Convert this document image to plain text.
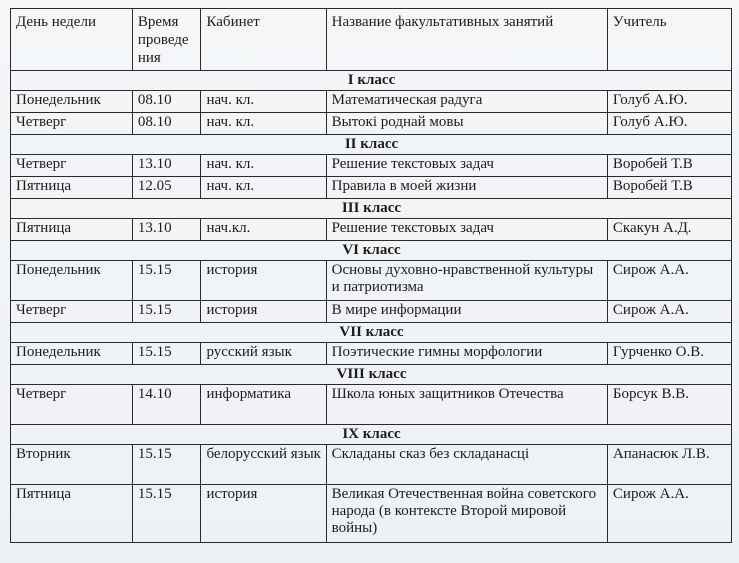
День недели	Время проведе ния	Кабинет	Название факультативных занятий	Учитель
I класс				
Понедельник	08.10	нач. кл.	Математическая радуга	Голуб А.Ю.
Четверг	08.10	нач. кл.	Вытокі роднай мовы	Голуб А.Ю.
II класс				
Четверг	13.10	нач. кл.	Решение текстовых задач	Воробей Т.В
Пятница	12.05	нач. кл.	Правила в моей жизни	Воробей Т.В
III класс				
Пятница	13.10	нач.кл.	Решение текстовых задач	Скакун А.Д.
VI класс				
Понедельник	15.15	история	Основы духовно-нравственной культуры и патриотизма	Сирож А.А.
Четверг	15.15	история	В мире информации	Сирож А.А.
VII класс				
Понедельник	15.15	русский язык	Поэтические гимны морфологии	Гурченко О.В.
VIII класс				
Четверг	14.10	информатика	Школа юных защитников Отечества	Борсук В.В.
IX класс				
Вторник	15.15	белорусский язык	Складаны сказ без складанасці	Апанасюк Л.В.
Пятница	15.15	история	Великая Отечественная война советского народа (в контексте Второй мировой войны)	Сирож А.А.
